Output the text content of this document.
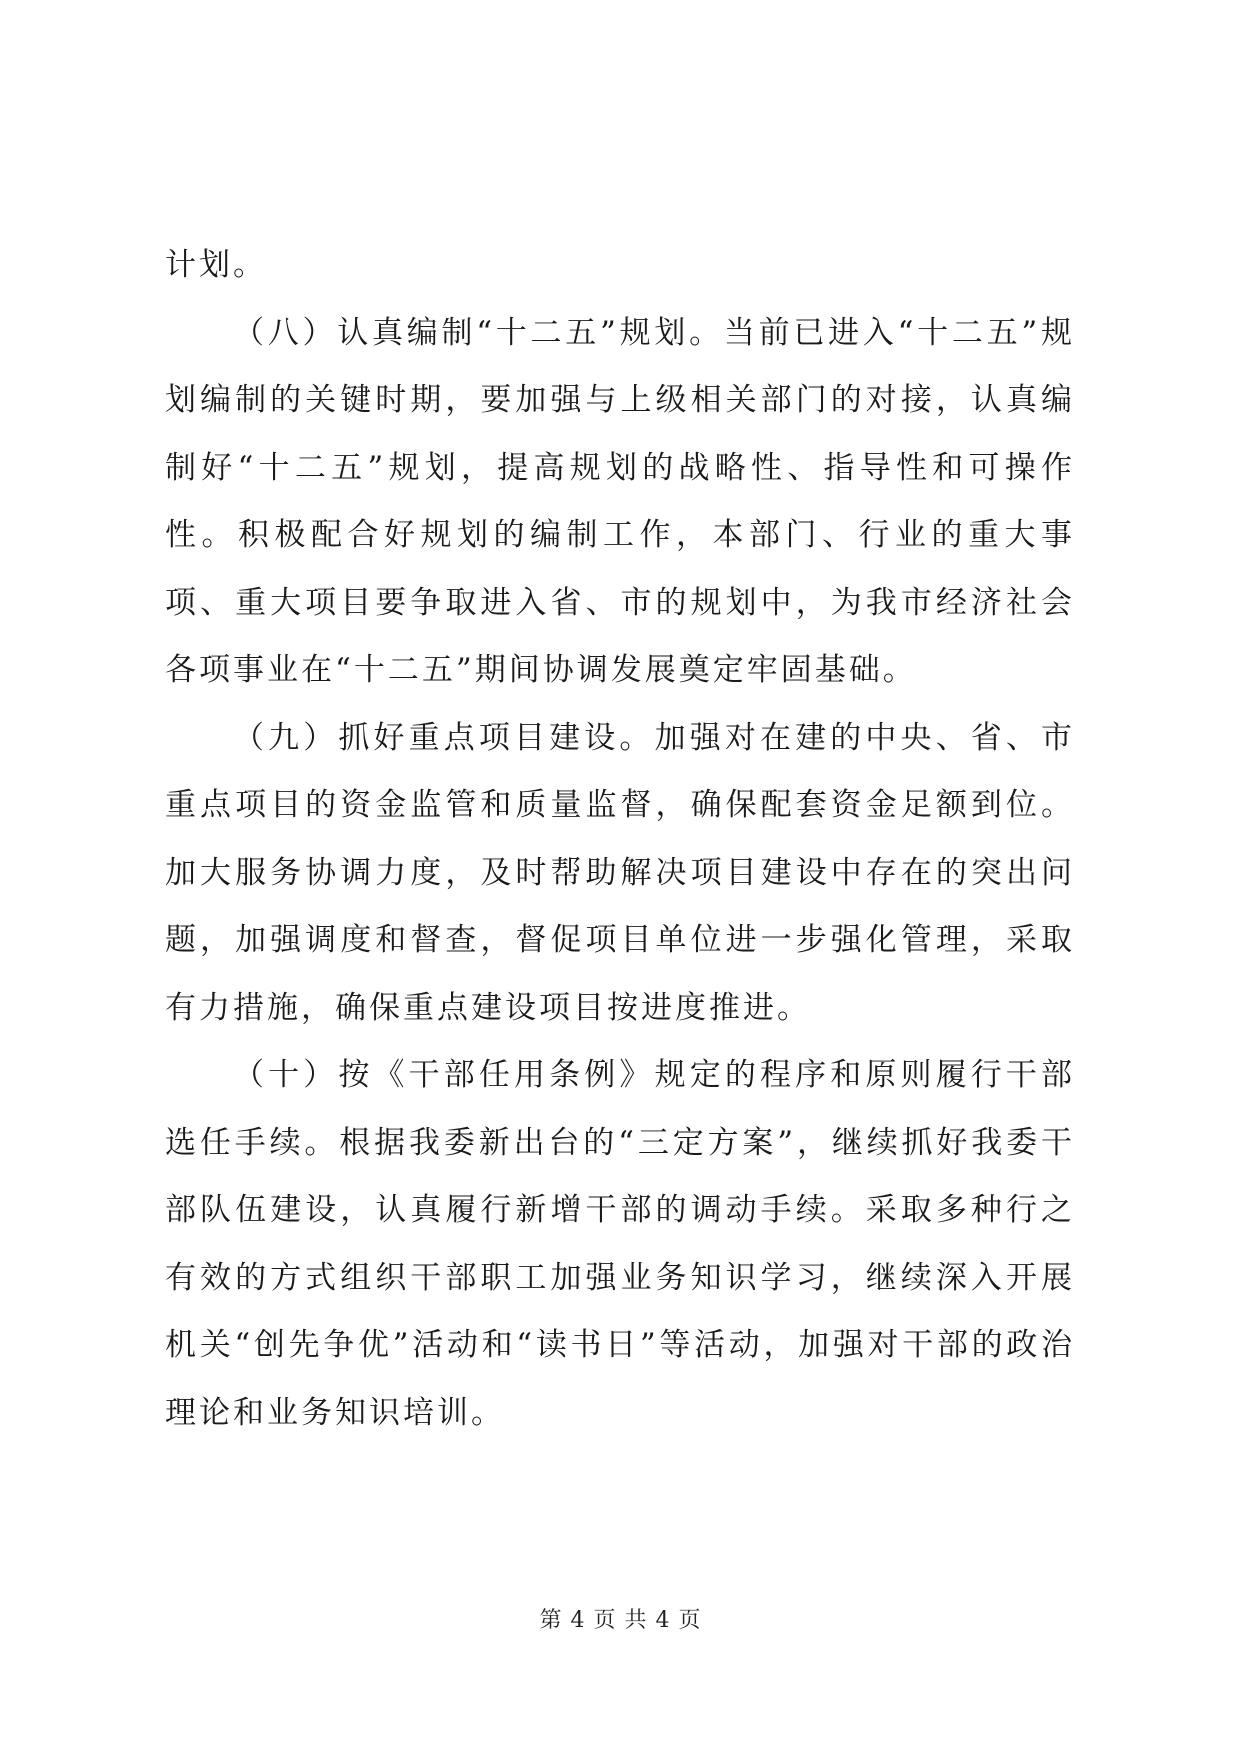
计划。

（八）认真编制“十二五”规划。当前已进入“十二五”规划编制的关键时期，要加强与上级相关部门的对接，认真编制好“十二五”规划，提高规划的战略性、指导性和可操作性。积极配合好规划的编制工作，本部门、行业的重大事项、重大项目要争取进入省、市的规划中，为我市经济社会各项事业在“十二五”期间协调发展奠定牢固基础。

（九）抓好重点项目建设。加强对在建的中央、省、市重点项目的资金监管和质量监督，确保配套资金足额到位。加大服务协调力度，及时帮助解决项目建设中存在的突出问题，加强调度和督查，督促项目单位进一步强化管理，采取有力措施，确保重点建设项目按进度推进。

（十）按《干部任用条例》规定的程序和原则履行干部选任手续。根据我委新出台的“三定方案”，继续抓好我委干部队伍建设，认真履行新增干部的调动手续。采取多种行之有效的方式组织干部职工加强业务知识学习，继续深入开展机关“创先争优”活动和“读书日”等活动，加强对干部的政治理论和业务知识培训。

第 4 页 共 4 页
